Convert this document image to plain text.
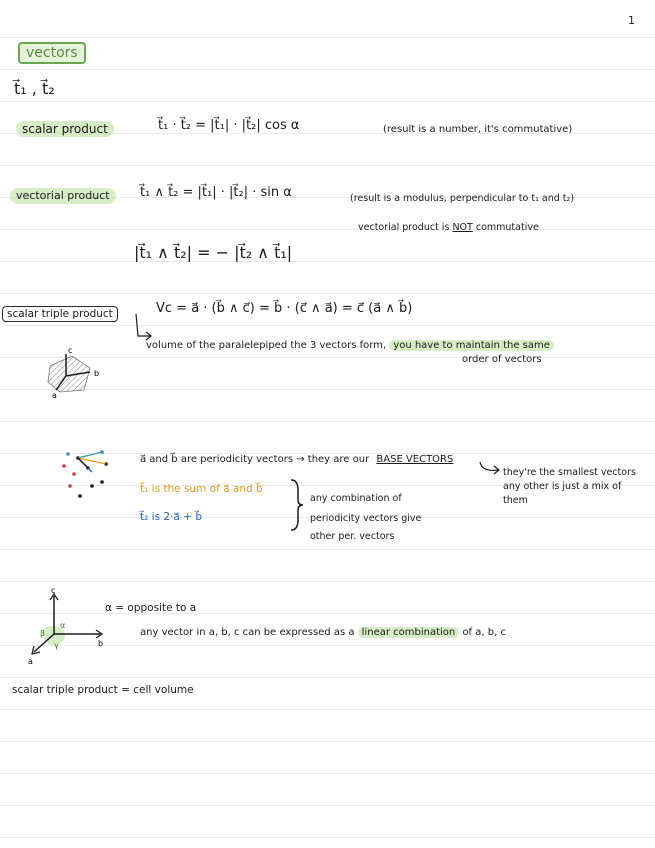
1
vectors
t⃗₁ , t⃗₂
scalar product	t⃗₁ · t⃗₂ = |t⃗₁| · |t⃗₂| cos α	(result is a number, it's commutative)
vectorial product	t⃗₁ ∧ t⃗₂ = |t⃗₁| · |t⃗₂| · sin α	(result is a modulus, perpendicular to t₁ and t₂)
vectorial product is NOT commutative
|t⃗₁ ∧ t⃗₂| = − |t⃗₂ ∧ t⃗₁|
scalar triple product	Vc = a⃗ · (b⃗ ∧ c⃗) = b⃗ · (c⃗ ∧ a⃗) = c⃗ (a⃗ ∧ b⃗)
volume of the paralelepiped the 3 vectors form, you have to maintain the same
order of vectors
c
b
a
a⃗ and b⃗ are periodicity vectors → they are our BASE VECTORS
they're the smallest vectors
any other is just a mix of
them
t⃗₁ is the sum of a⃗ and b⃗
t⃗₂ is 2·a⃗ + b⃗
any combination of
periodicity vectors give
other per. vectors
c
b
a
α
β
γ
α = opposite to a
any vector in a, b, c can be expressed as a linear combination of a, b, c
scalar triple product = cell volume
